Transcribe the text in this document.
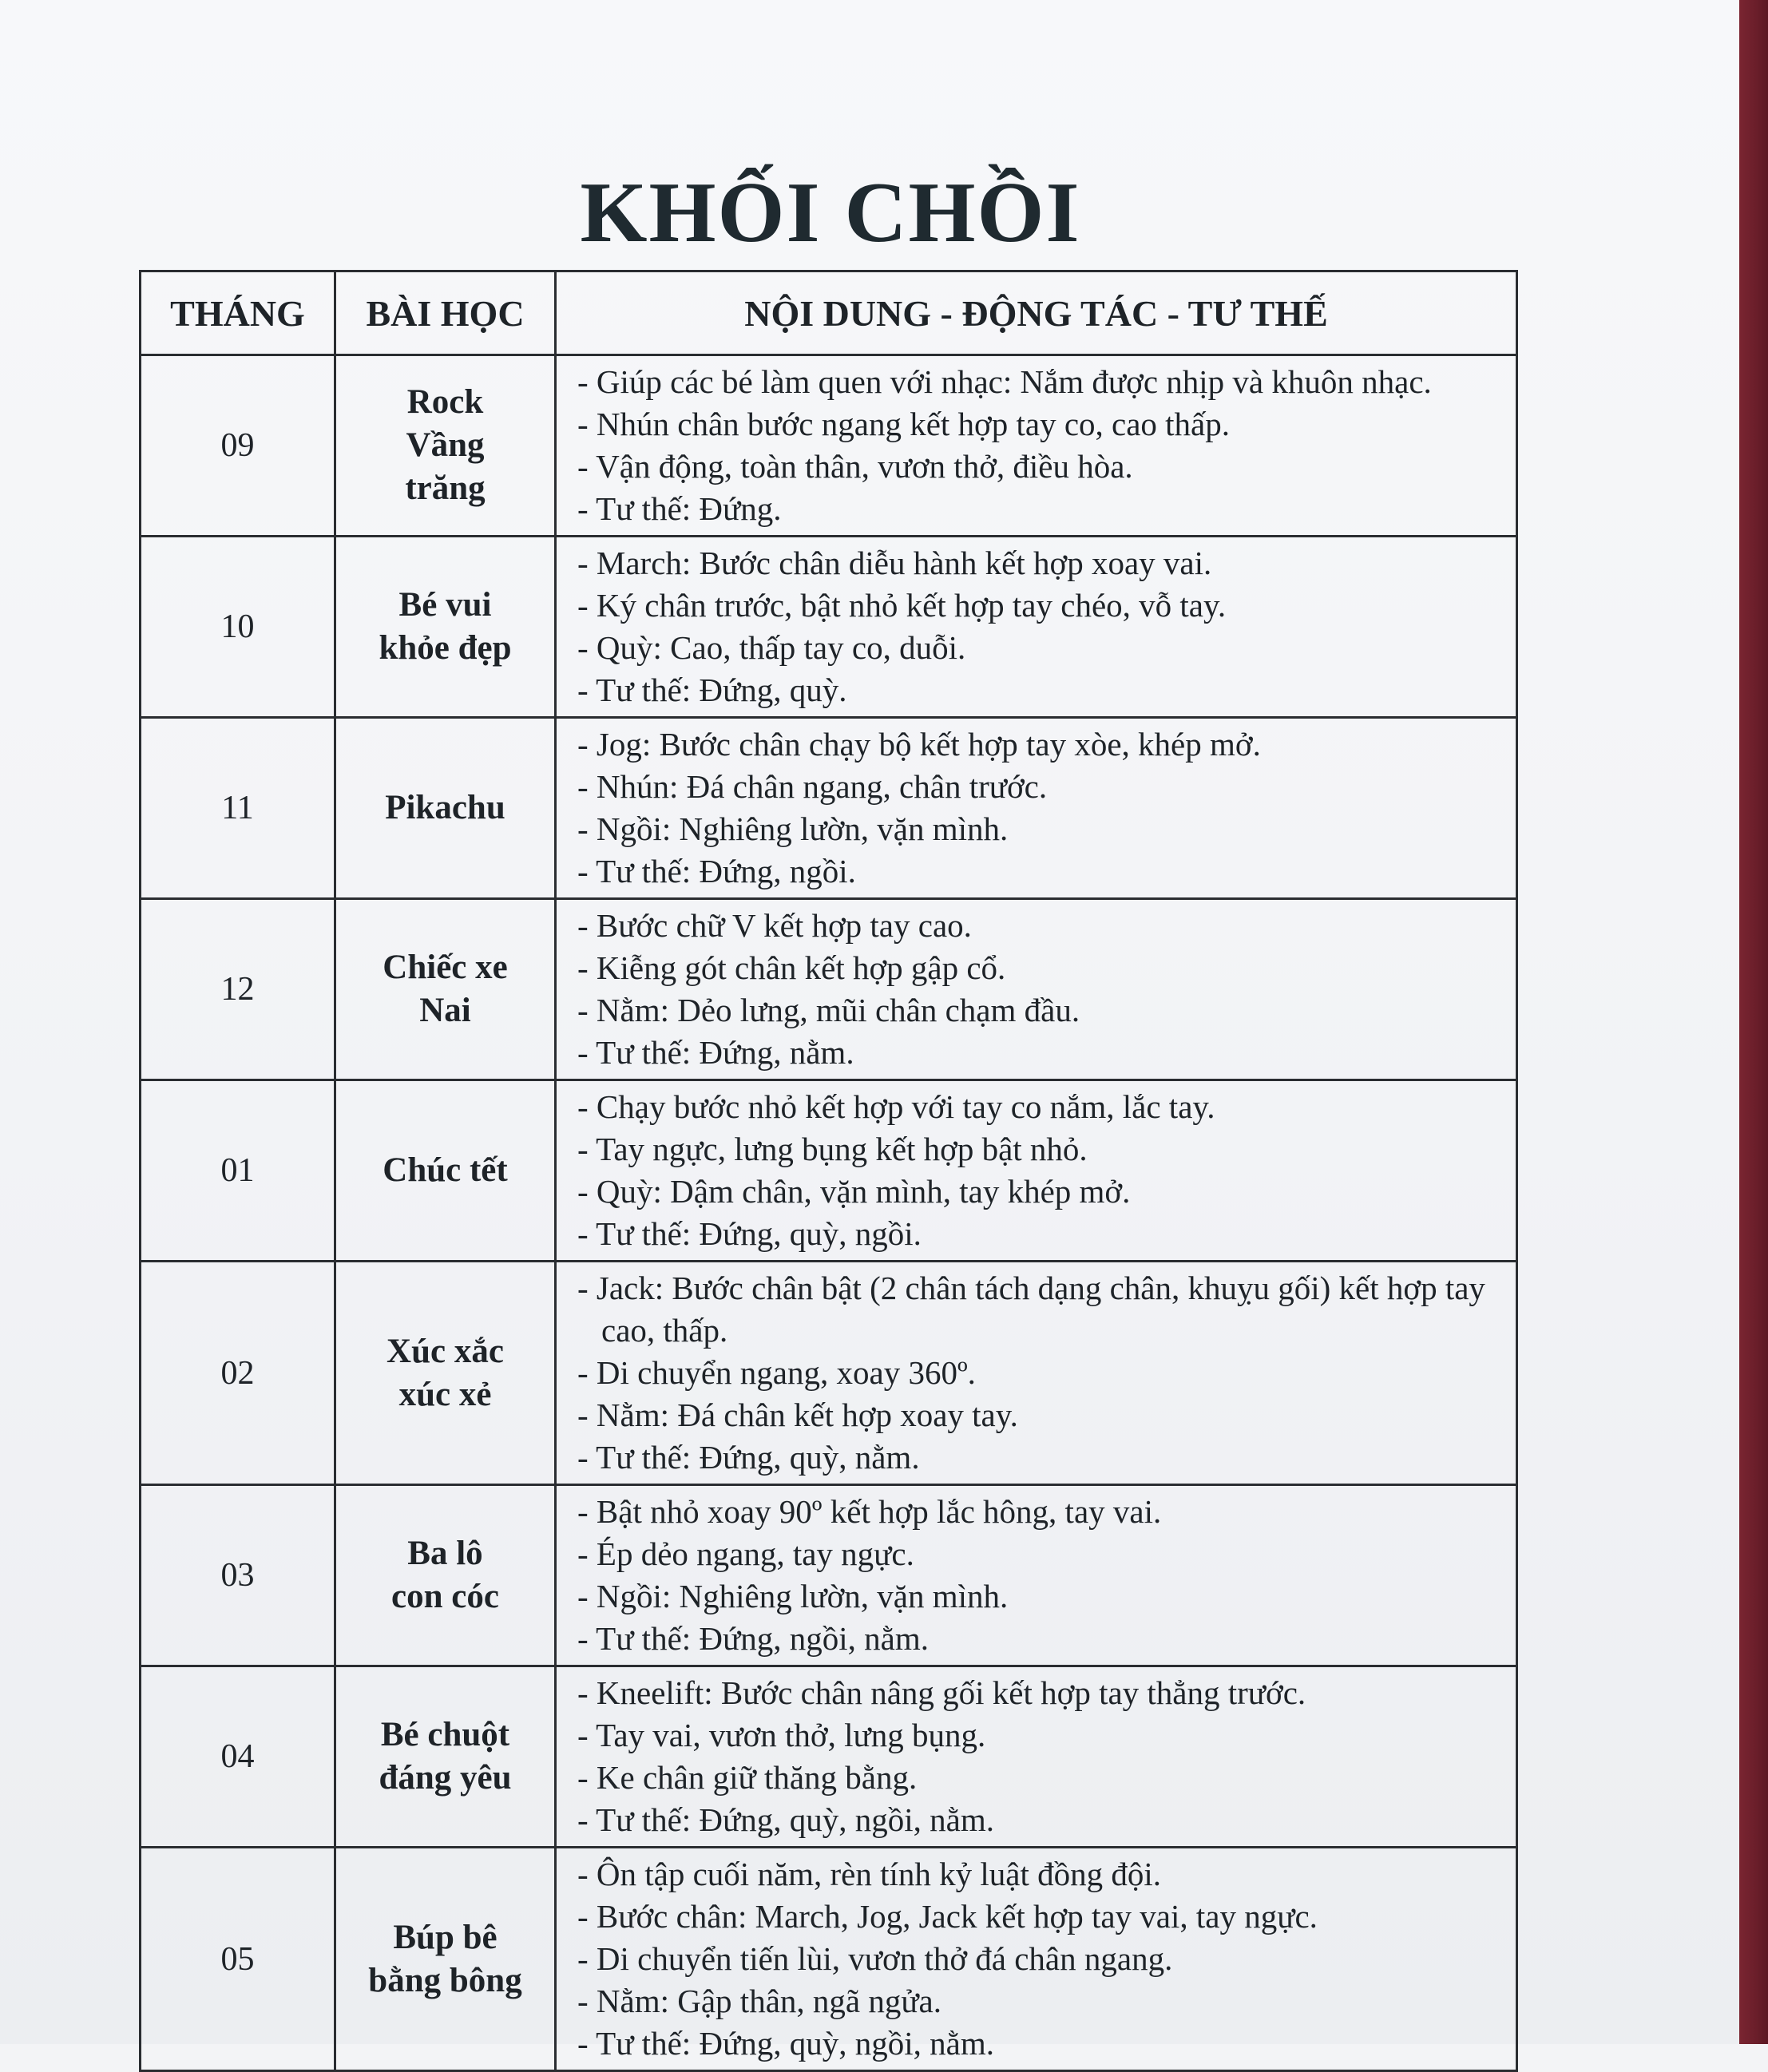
KHỐI CHỒI
THÁNG	BÀI HỌC	NỘI DUNG - ĐỘNG TÁC - TƯ THẾ
09	Rock
Vầng
trăng	- Giúp các bé làm quen với nhạc: Nắm được nhịp và khuôn nhạc.
- Nhún chân bước ngang kết hợp tay co, cao thấp.
- Vận động, toàn thân, vươn thở, điều hòa.
- Tư thế: Đứng.

10	Bé vui
khỏe đẹp	- March: Bước chân diễu hành kết hợp xoay vai.
- Ký chân trước, bật nhỏ kết hợp tay chéo, vỗ tay.
- Quỳ: Cao, thấp tay co, duỗi.
- Tư thế: Đứng, quỳ.

11	Pikachu	- Jog: Bước chân chạy bộ kết hợp tay xòe, khép mở.
- Nhún: Đá chân ngang, chân trước.
- Ngồi: Nghiêng lườn, vặn mình.
- Tư thế: Đứng, ngồi.

12	Chiếc xe
Nai	- Bước chữ V kết hợp tay cao.
- Kiễng gót chân kết hợp gập cổ.
- Nằm: Dẻo lưng, mũi chân chạm đầu.
- Tư thế: Đứng, nằm.

01	Chúc tết	- Chạy bước nhỏ kết hợp với tay co nắm, lắc tay.
- Tay ngực, lưng bụng kết hợp bật nhỏ.
- Quỳ: Dậm chân, vặn mình, tay khép mở.
- Tư thế: Đứng, quỳ, ngồi.

02	Xúc xắc
xúc xẻ	- Jack: Bước chân bật (2 chân tách dạng chân, khuỵu gối) kết hợp tay cao, thấp.
- Di chuyển ngang, xoay 360º.
- Nằm: Đá chân kết hợp xoay tay.
- Tư thế: Đứng, quỳ, nằm.

03	Ba lô
con cóc	- Bật nhỏ xoay 90º kết hợp lắc hông, tay vai.
- Ép dẻo ngang, tay ngực.
- Ngồi: Nghiêng lườn, vặn mình.
- Tư thế: Đứng, ngồi, nằm.

04	Bé chuột
đáng yêu	- Kneelift: Bước chân nâng gối kết hợp tay thẳng trước.
- Tay vai, vươn thở, lưng bụng.
- Ke chân giữ thăng bằng.
- Tư thế: Đứng, quỳ, ngồi, nằm.

05	Búp bê
bằng bông	- Ôn tập cuối năm, rèn tính kỷ luật đồng đội.
- Bước chân: March, Jog, Jack kết hợp tay vai, tay ngực.
- Di chuyển tiến lùi, vươn thở đá chân ngang.
- Nằm: Gập thân, ngã ngửa.
- Tư thế: Đứng, quỳ, ngồi, nằm.
